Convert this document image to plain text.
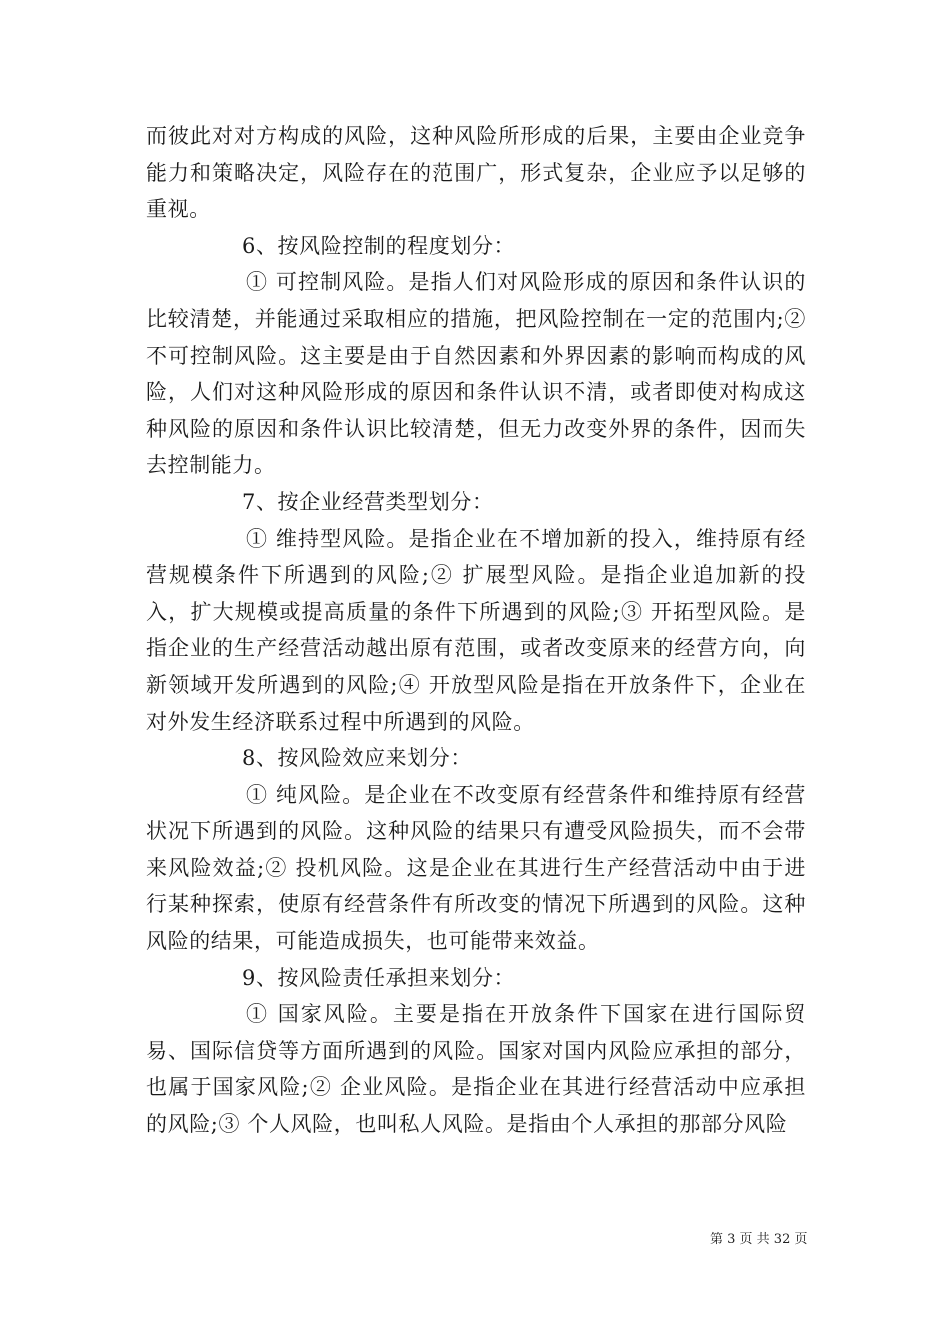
而彼此对对方构成的风险，这种风险所形成的后果，主要由企业竞争能力和策略决定，风险存在的范围广，形式复杂，企业应予以足够的重视。

6、按风险控制的程度划分：

① 可控制风险。是指人们对风险形成的原因和条件认识的比较清楚，并能通过采取相应的措施，把风险控制在一定的范围内;② 不可控制风险。这主要是由于自然因素和外界因素的影响而构成的风险，人们对这种风险形成的原因和条件认识不清，或者即使对构成这种风险的原因和条件认识比较清楚，但无力改变外界的条件，因而失去控制能力。

7、按企业经营类型划分：

① 维持型风险。是指企业在不增加新的投入，维持原有经营规模条件下所遇到的风险;② 扩展型风险。是指企业追加新的投入，扩大规模或提高质量的条件下所遇到的风险;③ 开拓型风险。是指企业的生产经营活动越出原有范围，或者改变原来的经营方向，向新领域开发所遇到的风险;④ 开放型风险是指在开放条件下，企业在对外发生经济联系过程中所遇到的风险。

8、按风险效应来划分：

① 纯风险。是企业在不改变原有经营条件和维持原有经营状况下所遇到的风险。这种风险的结果只有遭受风险损失，而不会带来风险效益;② 投机风险。这是企业在其进行生产经营活动中由于进行某种探索，使原有经营条件有所改变的情况下所遇到的风险。这种风险的结果，可能造成损失，也可能带来效益。

9、按风险责任承担来划分：

① 国家风险。主要是指在开放条件下国家在进行国际贸易、国际信贷等方面所遇到的风险。国家对国内风险应承担的部分，也属于国家风险;② 企业风险。是指企业在其进行经营活动中应承担的风险;③ 个人风险，也叫私人风险。是指由个人承担的那部分风险

第 3 页 共 32 页
